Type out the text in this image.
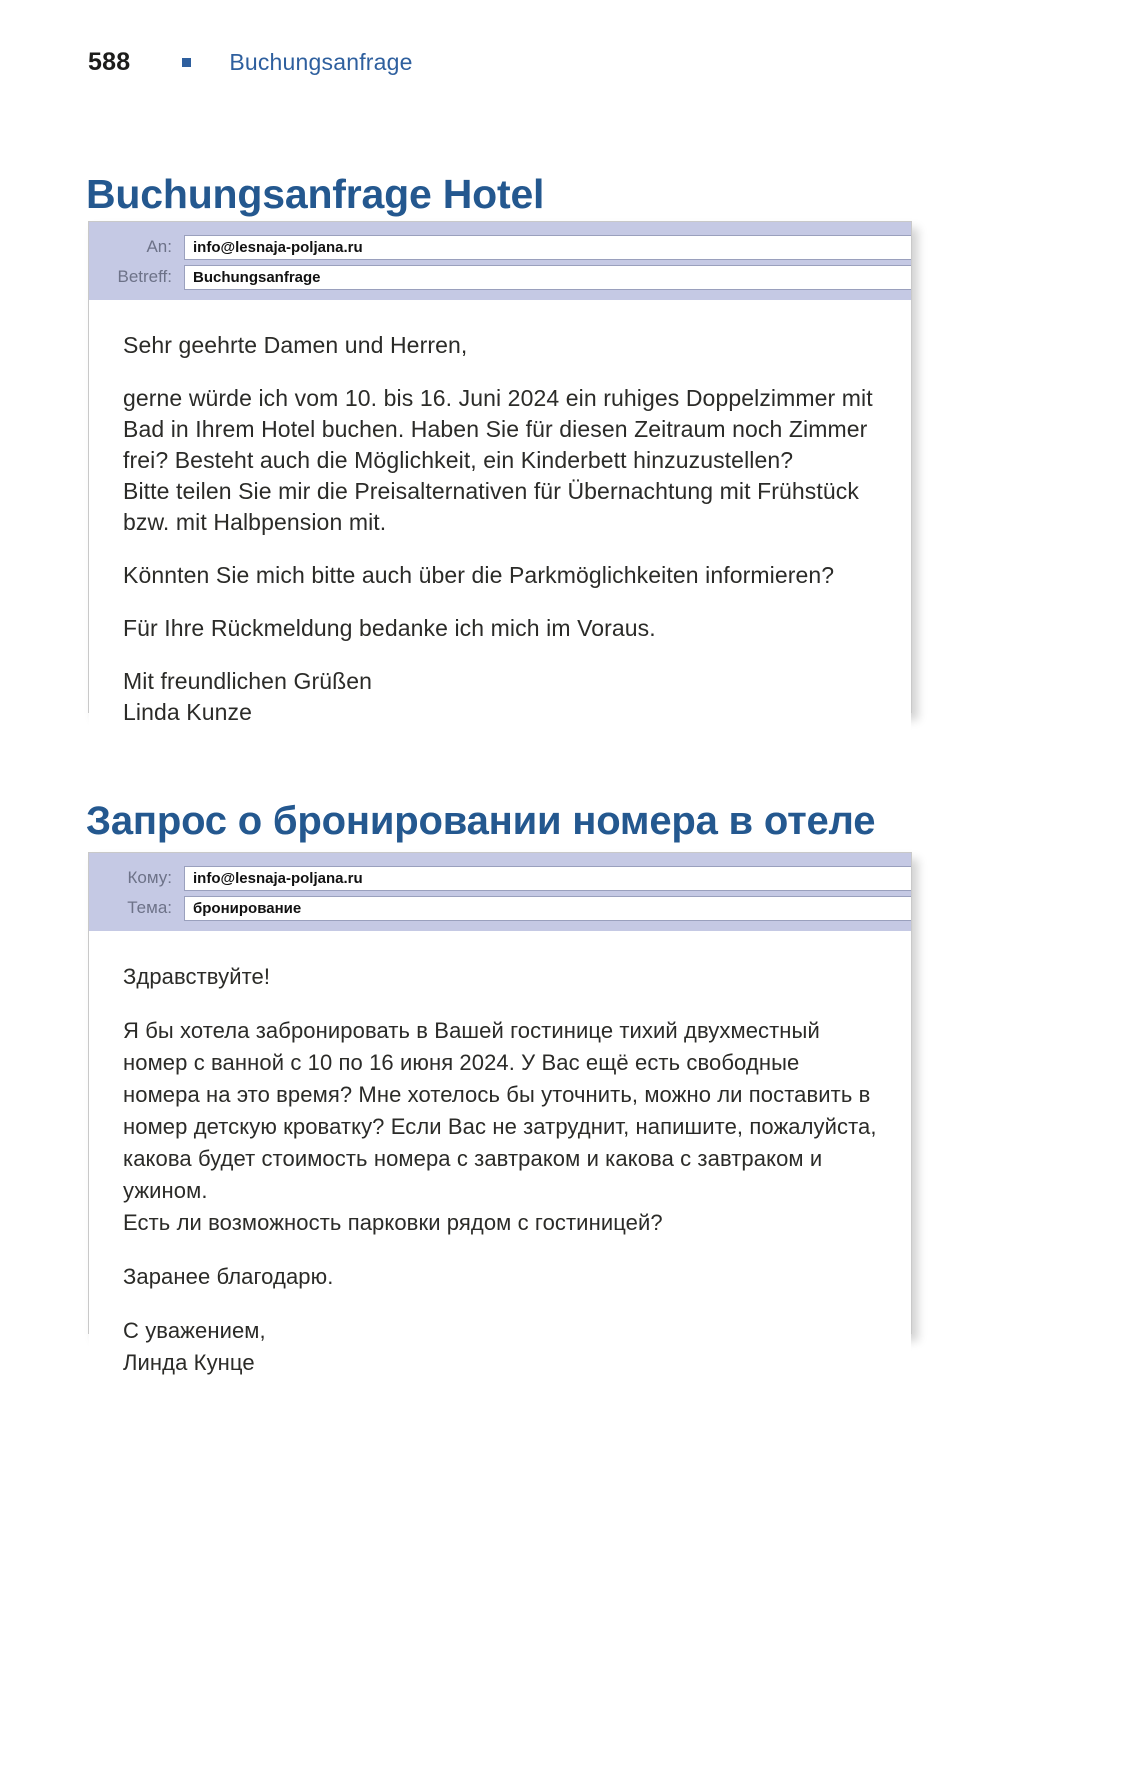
588	Buchungsanfrage
Buchungsanfrage Hotel
An:	info@lesnaja-poljana.ru
Betreff:	Buchungsanfrage

Sehr geehrte Damen und Herren,

gerne würde ich vom 10. bis 16. Juni 2024 ein ruhiges Doppelzimmer mit Bad in Ihrem Hotel buchen. Haben Sie für diesen Zeitraum noch Zimmer frei? Besteht auch die Möglichkeit, ein Kinderbett hinzuzustellen?
Bitte teilen Sie mir die Preisalternativen für Übernachtung mit Frühstück bzw. mit Halbpension mit.

Könnten Sie mich bitte auch über die Parkmöglichkeiten informieren?

Für Ihre Rückmeldung bedanke ich mich im Voraus.

Mit freundlichen Grüßen
Linda Kunze

Запрос о бронировании номера в отеле
Кому:	info@lesnaja-poljana.ru
Тема:	бронирование

Здравствуйте!

Я бы хотела забронировать в Вашей гостинице тихий двухместный номер с ванной с 10 по 16 июня 2024. У Вас ещё есть свободные номера на это время? Мне хотелось бы уточнить, можно ли поставить в номер детскую кроватку? Если Вас не затруднит, напишите, пожалуйста, какова будет стоимость номера с завтраком и какова с завтраком и ужином.
Есть ли возможность парковки рядом с гостиницей?

Заранее благодарю.

С уважением,
Линда Кунце
